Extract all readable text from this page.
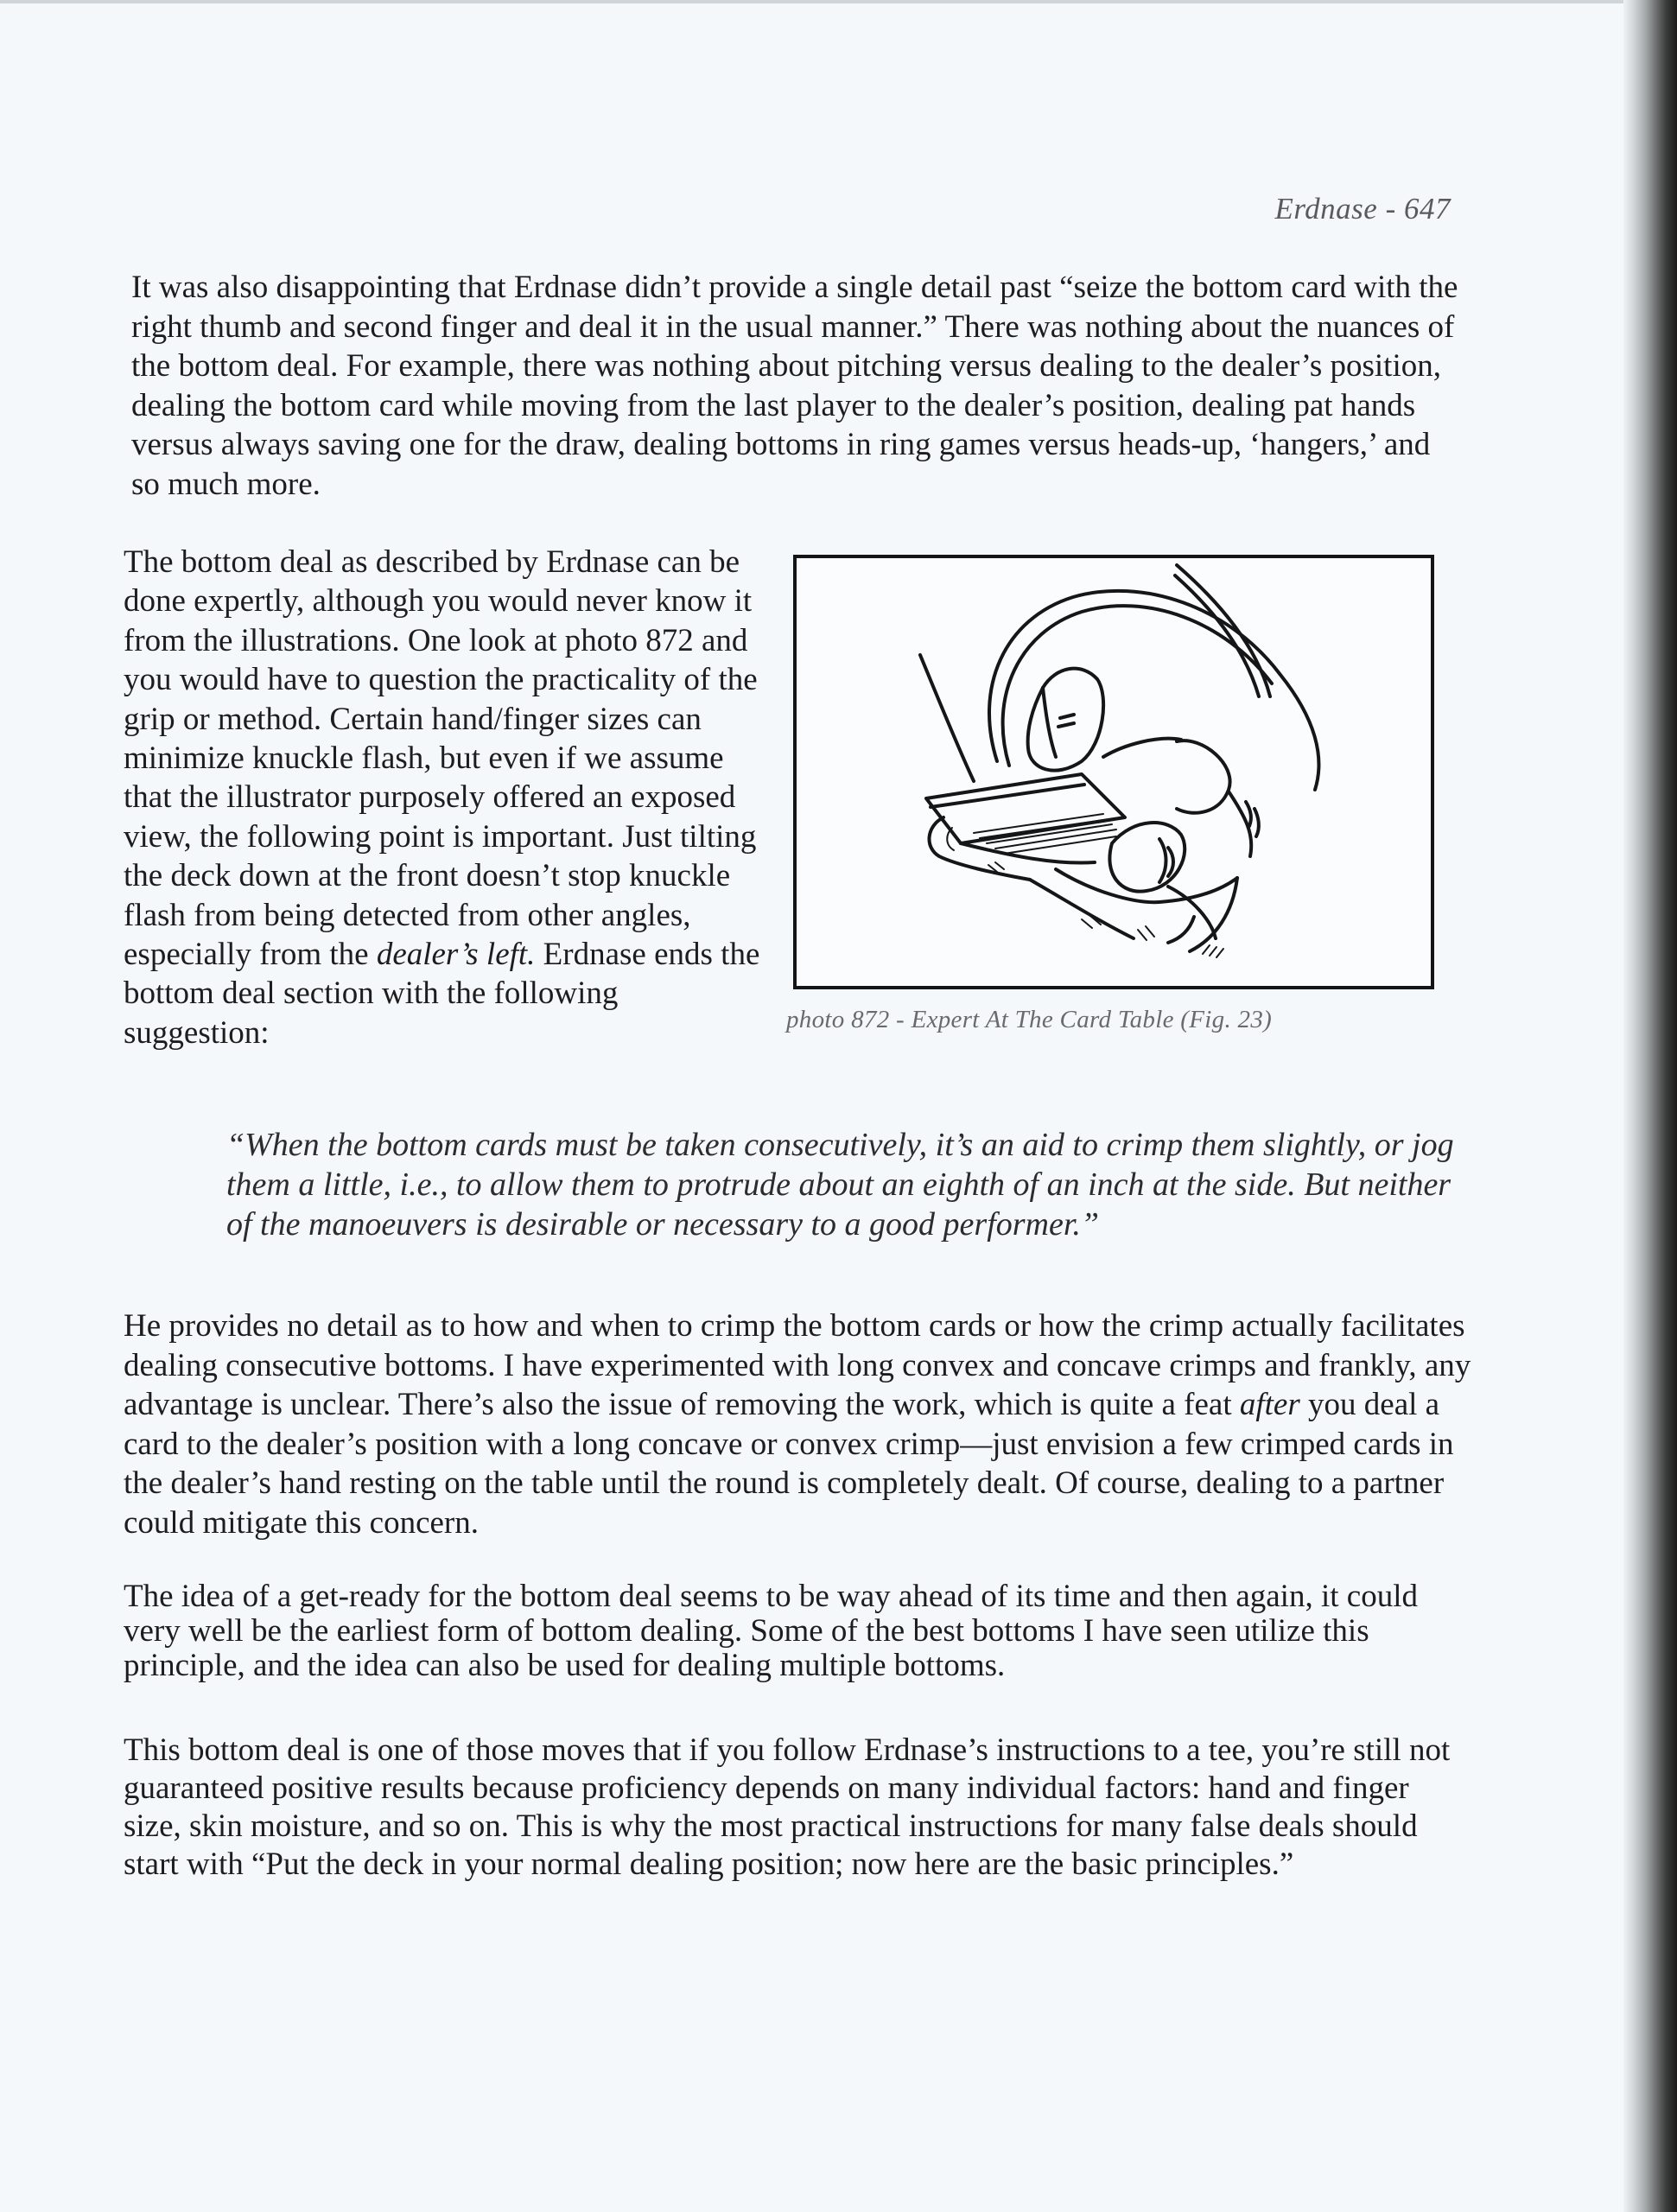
Erdnase - 647

It was also disappointing that Erdnase didn’t provide a single detail past “seize the bottom card with the right thumb and second finger and deal it in the usual manner.” There was nothing about the nuances of the bottom deal. For example, there was nothing about pitching versus dealing to the dealer’s position, dealing the bottom card while moving from the last player to the dealer’s position, dealing pat hands versus always saving one for the draw, dealing bottoms in ring games versus heads-up, ‘hangers,’ and so much more.

The bottom deal as described by Erdnase can be done expertly, although you would never know it from the illustrations. One look at photo 872 and you would have to question the practicality of the grip or method. Certain hand/finger sizes can minimize knuckle flash, but even if we assume that the illustrator purposely offered an exposed view, the following point is important. Just tilting the deck down at the front doesn’t stop knuckle flash from being detected from other angles, especially from the dealer’s left. Erdnase ends the bottom deal section with the following suggestion:	photo 872 - Expert At The Card Table (Fig. 23)

“When the bottom cards must be taken consecutively, it’s an aid to crimp them slightly, or jog them a little, i.e., to allow them to protrude about an eighth of an inch at the side. But neither of the manoeuvers is desirable or necessary to a good performer.”

He provides no detail as to how and when to crimp the bottom cards or how the crimp actually facilitates dealing consecutive bottoms. I have experimented with long convex and concave crimps and frankly, any advantage is unclear. There’s also the issue of removing the work, which is quite a feat after you deal a card to the dealer’s position with a long concave or convex crimp—just envision a few crimped cards in the dealer’s hand resting on the table until the round is completely dealt. Of course, dealing to a partner could mitigate this concern.

The idea of a get-ready for the bottom deal seems to be way ahead of its time and then again, it could very well be the earliest form of bottom dealing. Some of the best bottoms I have seen utilize this principle, and the idea can also be used for dealing multiple bottoms.

This bottom deal is one of those moves that if you follow Erdnase’s instructions to a tee, you’re still not guaranteed positive results because proficiency depends on many individual factors: hand and finger size, skin moisture, and so on. This is why the most practical instructions for many false deals should start with “Put the deck in your normal dealing position; now here are the basic principles.”
